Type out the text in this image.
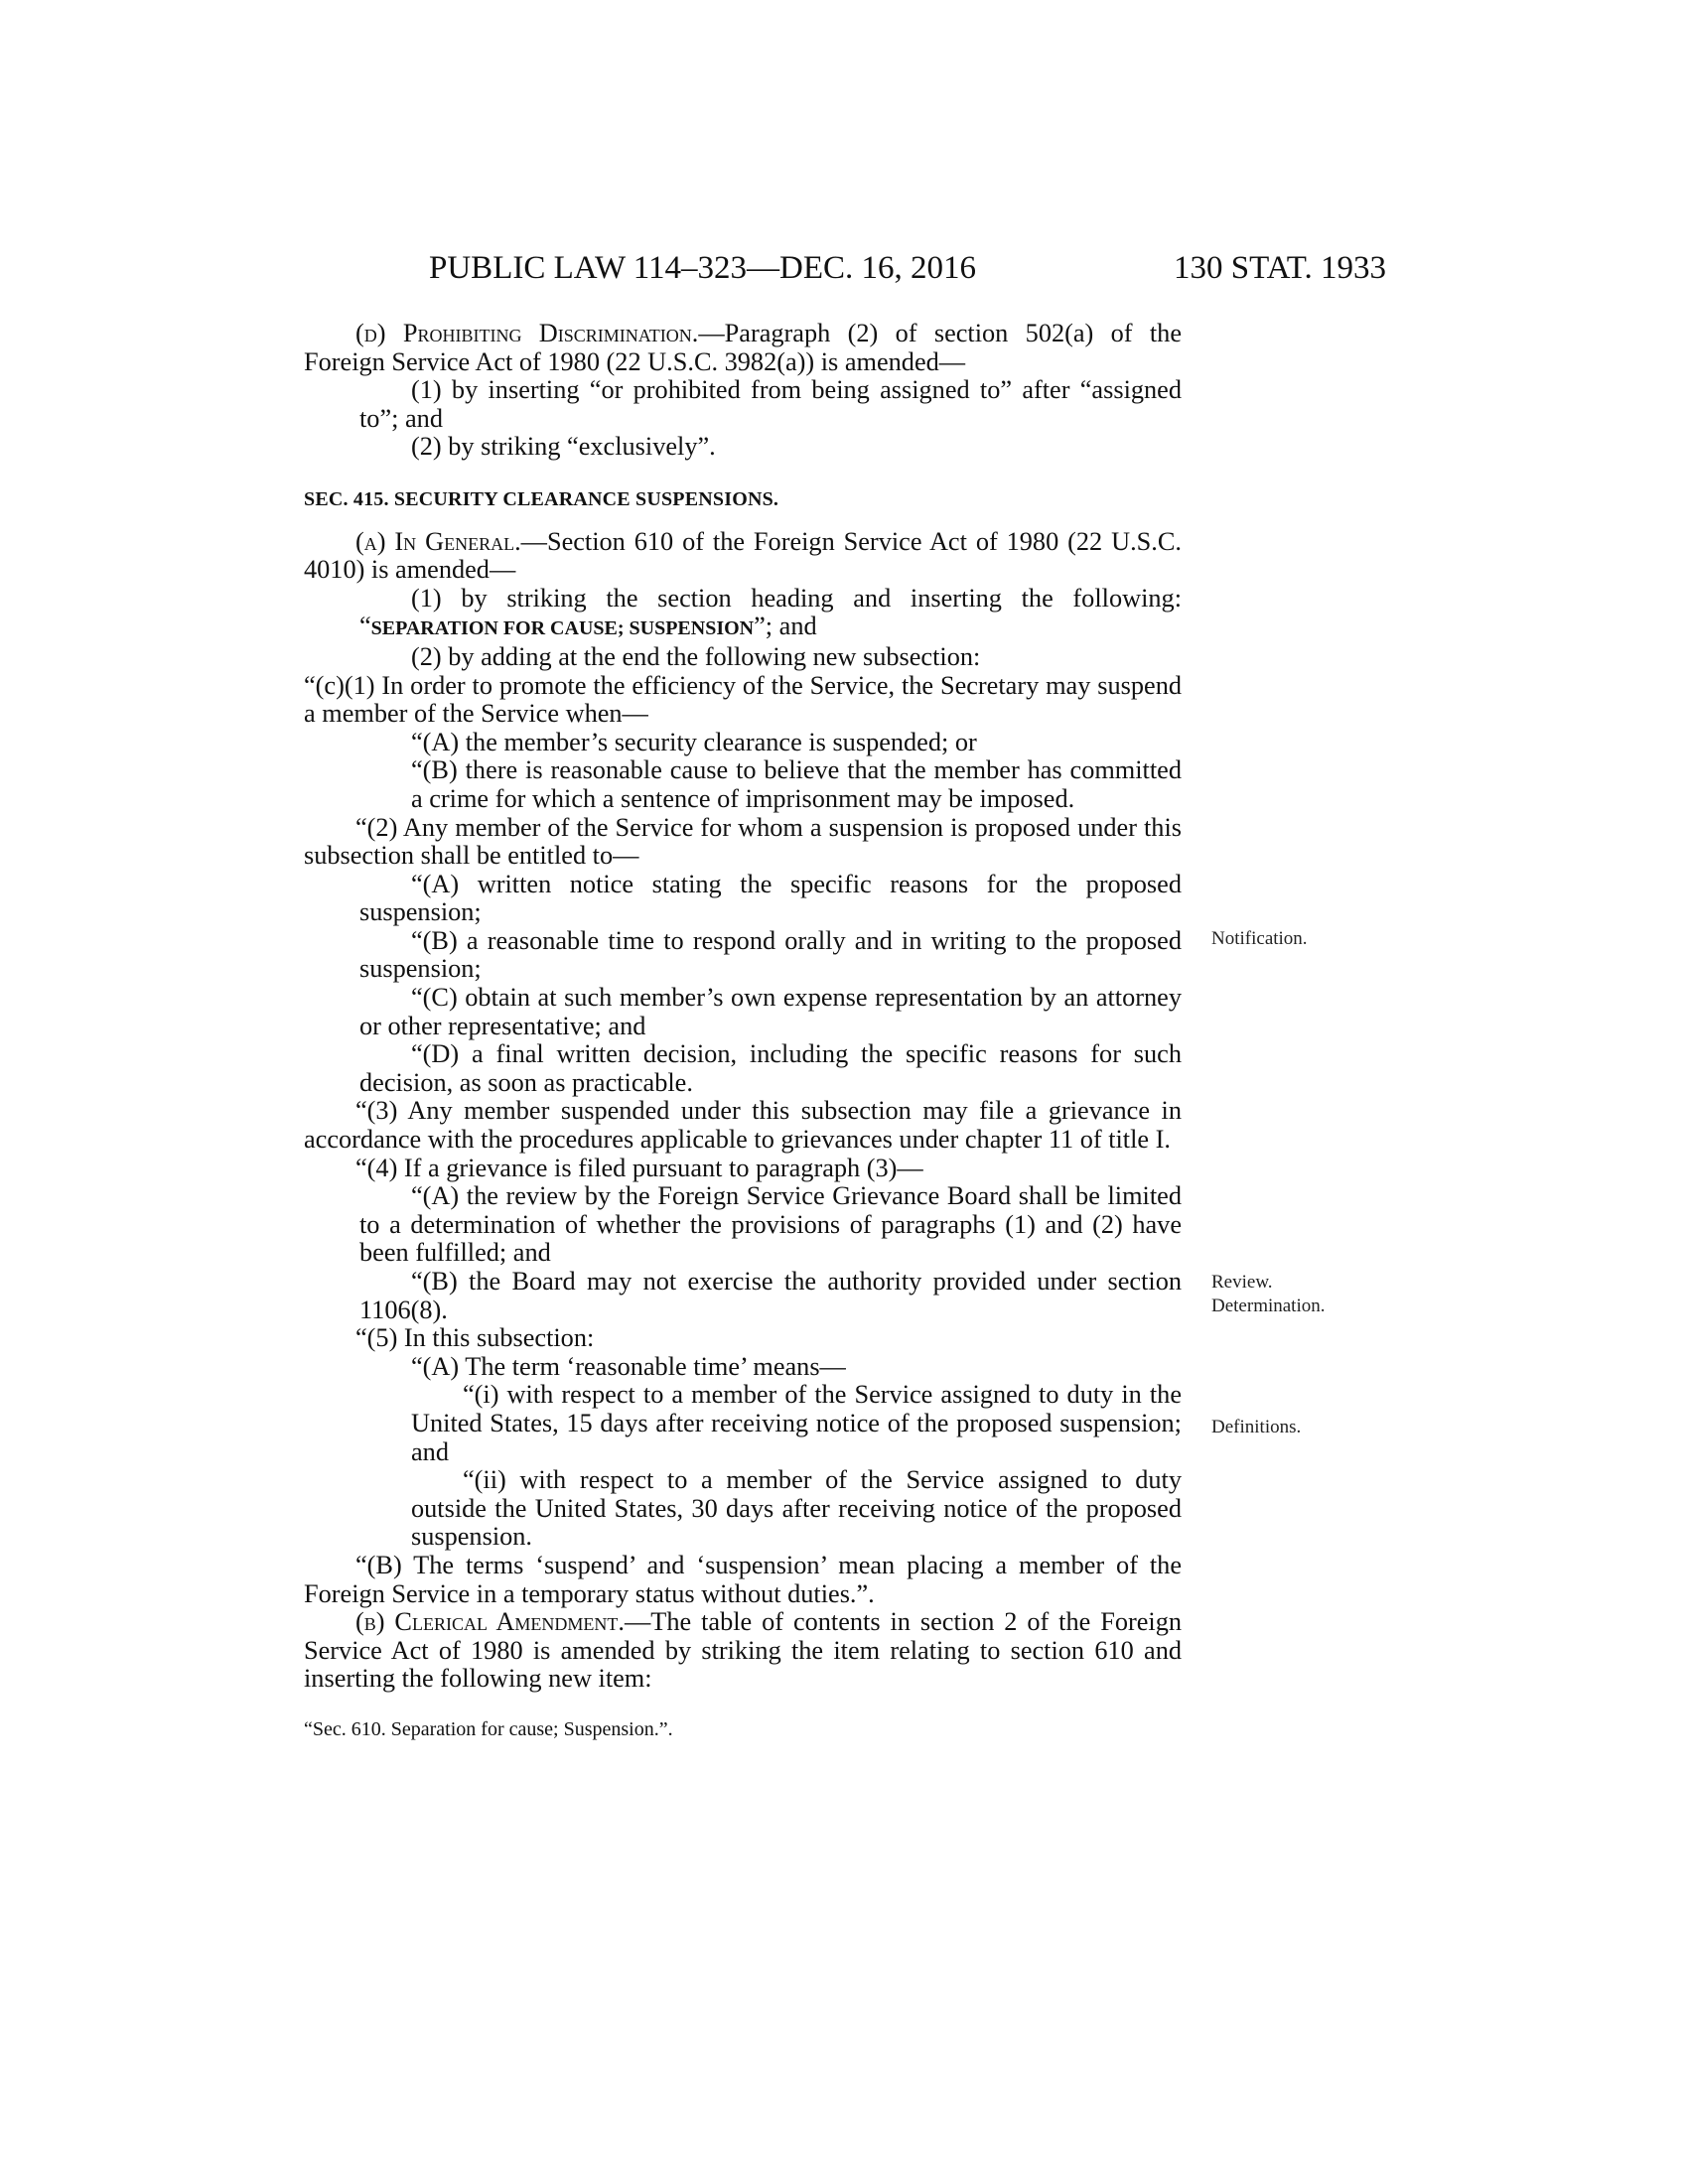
PUBLIC LAW 114–323—DEC. 16, 2016	130 STAT. 1933

(d) Prohibiting Discrimination.—Paragraph (2) of section 502(a) of the Foreign Service Act of 1980 (22 U.S.C. 3982(a)) is amended—

(1) by inserting “or prohibited from being assigned to” after “assigned to”; and

(2) by striking “exclusively”.

SEC. 415. SECURITY CLEARANCE SUSPENSIONS.

(a) In General.—Section 610 of the Foreign Service Act of 1980 (22 U.S.C. 4010) is amended—

(1) by striking the section heading and inserting the following: “SEPARATION FOR CAUSE; SUSPENSION”; and

(2) by adding at the end the following new subsection:

“(c)(1) In order to promote the efficiency of the Service, the Secretary may suspend a member of the Service when—

“(A) the member’s security clearance is suspended; or

“(B) there is reasonable cause to believe that the member has committed a crime for which a sentence of imprisonment may be imposed.

“(2) Any member of the Service for whom a suspension is proposed under this subsection shall be entitled to—

“(A) written notice stating the specific reasons for the proposed suspension;

“(B) a reasonable time to respond orally and in writing to the proposed suspension;

“(C) obtain at such member’s own expense representation by an attorney or other representative; and

“(D) a final written decision, including the specific reasons for such decision, as soon as practicable.

“(3) Any member suspended under this subsection may file a grievance in accordance with the procedures applicable to grievances under chapter 11 of title I.

“(4) If a grievance is filed pursuant to paragraph (3)—

“(A) the review by the Foreign Service Grievance Board shall be limited to a determination of whether the provisions of paragraphs (1) and (2) have been fulfilled; and

“(B) the Board may not exercise the authority provided under section 1106(8).

“(5) In this subsection:

“(A) The term ‘reasonable time’ means—

“(i) with respect to a member of the Service assigned to duty in the United States, 15 days after receiving notice of the proposed suspension; and

“(ii) with respect to a member of the Service assigned to duty outside the United States, 30 days after receiving notice of the proposed suspension.

“(B) The terms ‘suspend’ and ‘suspension’ mean placing a member of the Foreign Service in a temporary status without duties.”.

(b) Clerical Amendment.—The table of contents in section 2 of the Foreign Service Act of 1980 is amended by striking the item relating to section 610 and inserting the following new item:

“Sec. 610. Separation for cause; Suspension.”.

Notification.
Review.
Determination.
Definitions.
